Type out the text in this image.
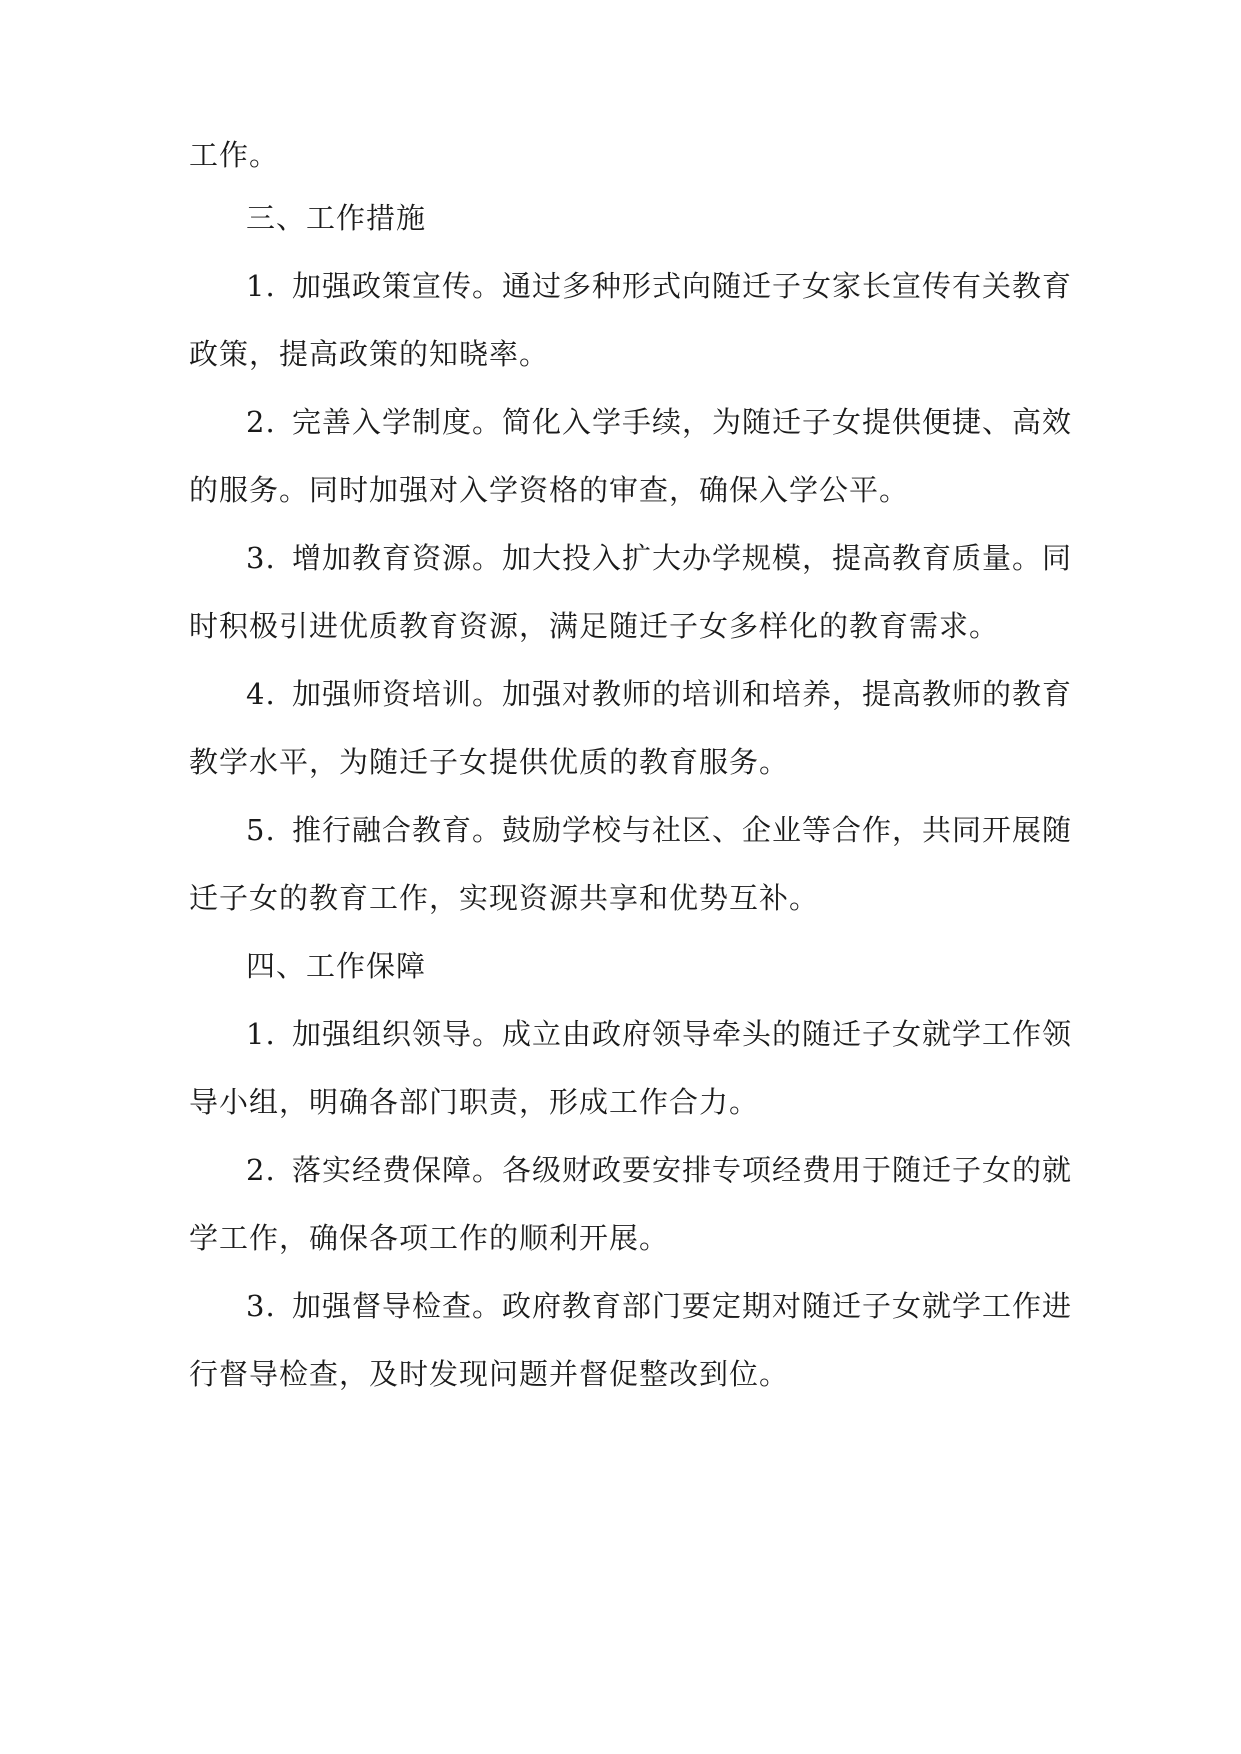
工作。

三、工作措施

1. 加强政策宣传。通过多种形式向随迁子女家长宣传有关教育

政策，提高政策的知晓率。

2. 完善入学制度。简化入学手续，为随迁子女提供便捷、高效

的服务。同时加强对入学资格的审查，确保入学公平。

3. 增加教育资源。加大投入扩大办学规模，提高教育质量。同

时积极引进优质教育资源，满足随迁子女多样化的教育需求。

4. 加强师资培训。加强对教师的培训和培养，提高教师的教育

教学水平，为随迁子女提供优质的教育服务。

5. 推行融合教育。鼓励学校与社区、企业等合作，共同开展随

迁子女的教育工作，实现资源共享和优势互补。

四、工作保障

1. 加强组织领导。成立由政府领导牵头的随迁子女就学工作领

导小组，明确各部门职责，形成工作合力。

2. 落实经费保障。各级财政要安排专项经费用于随迁子女的就

学工作，确保各项工作的顺利开展。

3. 加强督导检查。政府教育部门要定期对随迁子女就学工作进

行督导检查，及时发现问题并督促整改到位。
